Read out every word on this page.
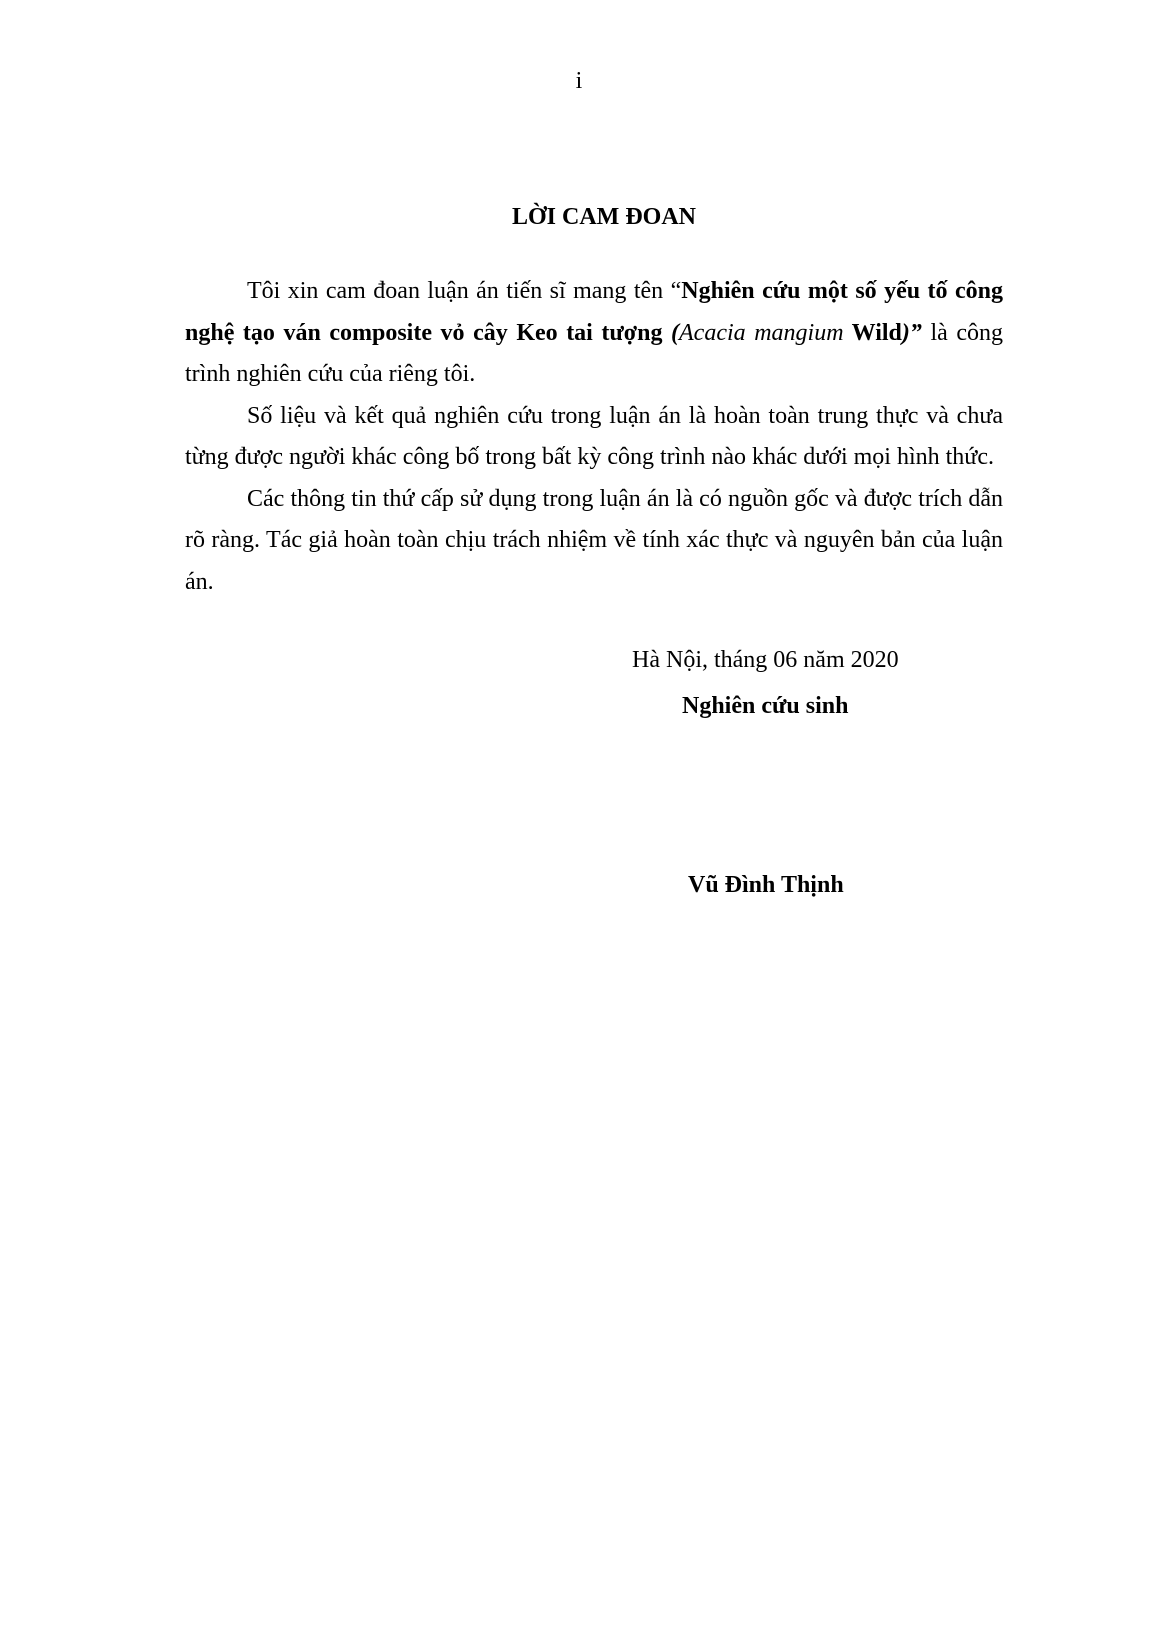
i
LỜI CAM ĐOAN

Tôi xin cam đoan luận án tiến sĩ mang tên “Nghiên cứu một số yếu tố công nghệ tạo ván composite vỏ cây Keo tai tượng (Acacia mangium Wild)” là công trình nghiên cứu của riêng tôi.

Số liệu và kết quả nghiên cứu trong luận án là hoàn toàn trung thực và chưa từng được người khác công bố trong bất kỳ công trình nào khác dưới mọi hình thức.

Các thông tin thứ cấp sử dụng trong luận án là có nguồn gốc và được trích dẫn rõ ràng. Tác giả hoàn toàn chịu trách nhiệm về tính xác thực và nguyên bản của luận án.

Hà Nội, tháng 06 năm 2020
Nghiên cứu sinh
Vũ Đình Thịnh
